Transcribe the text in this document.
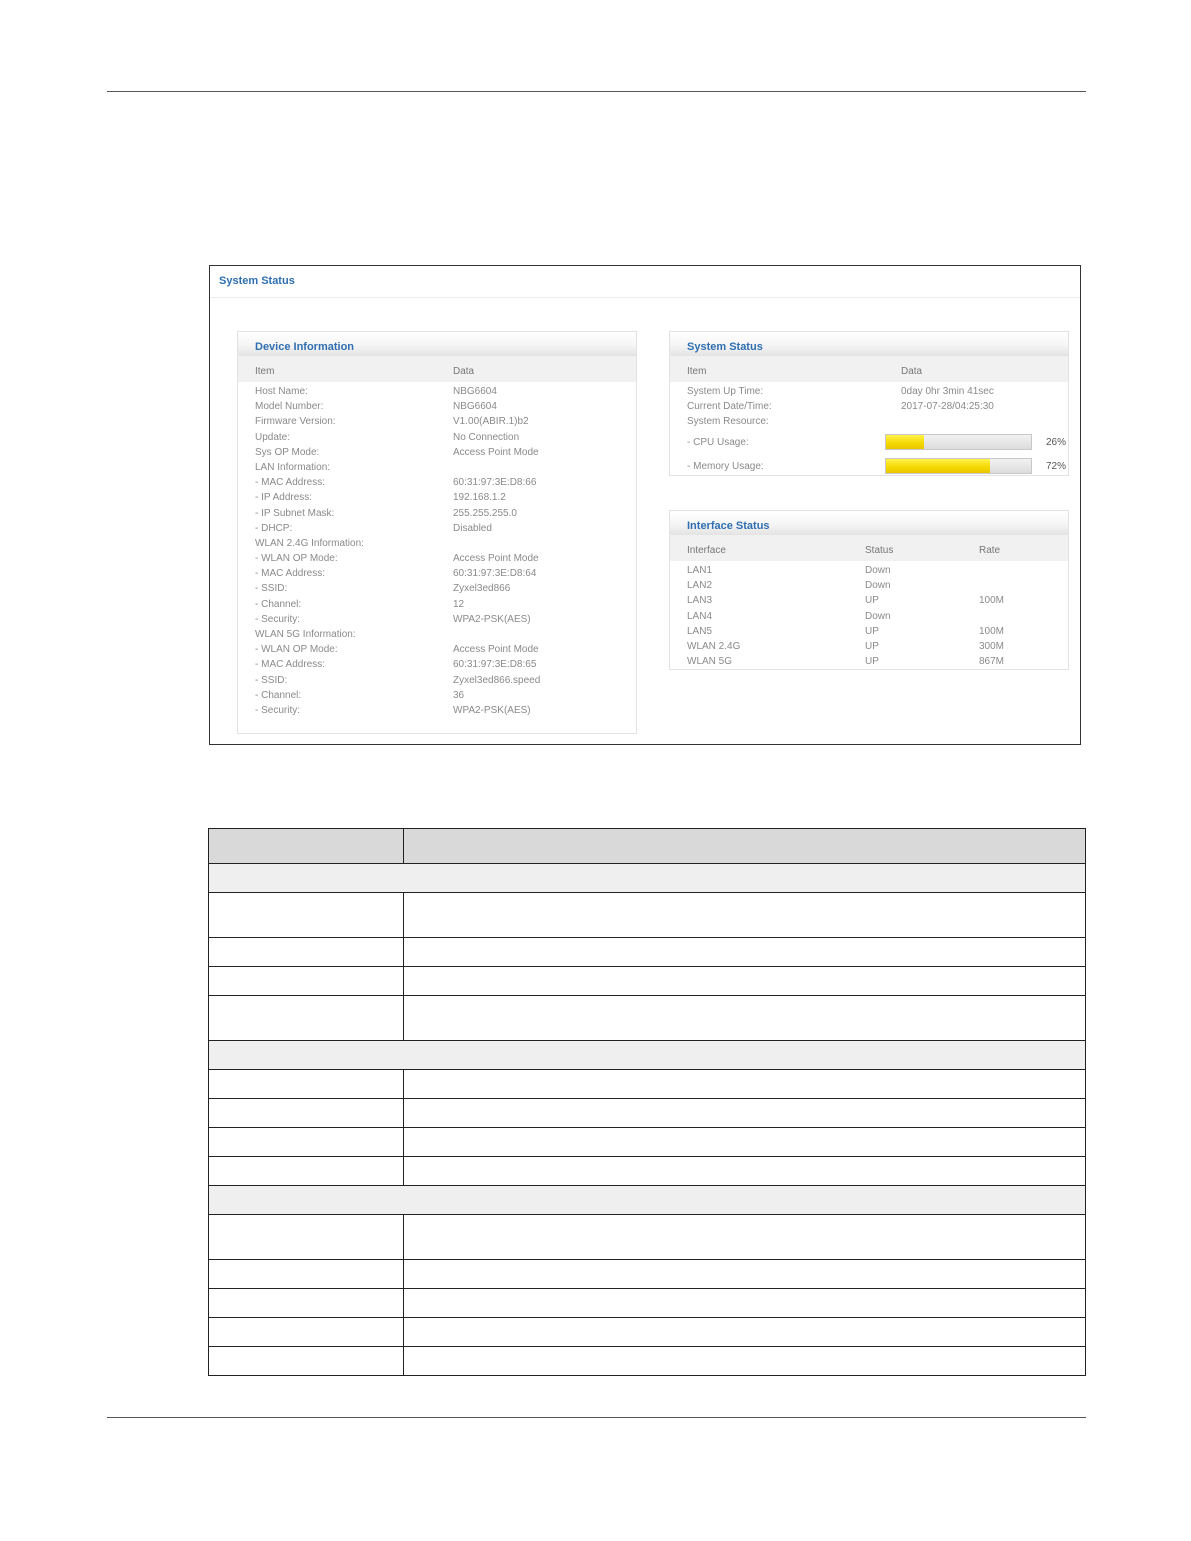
System Status
Device Information
Item	Data
Host Name:	NBG6604
Model Number:	NBG6604
Firmware Version:	V1.00(ABIR.1)b2
Update:	No Connection
Sys OP Mode:	Access Point Mode
LAN Information:
- MAC Address:	60:31:97:3E:D8:66
- IP Address:	192.168.1.2
- IP Subnet Mask:	255.255.255.0
- DHCP:	Disabled
WLAN 2.4G Information:
- WLAN OP Mode:	Access Point Mode
- MAC Address:	60:31:97:3E:D8:64
- SSID:	Zyxel3ed866
- Channel:	12
- Security:	WPA2-PSK(AES)
WLAN 5G Information:
- WLAN OP Mode:	Access Point Mode
- MAC Address:	60:31:97:3E:D8:65
- SSID:	Zyxel3ed866.speed
- Channel:	36
- Security:	WPA2-PSK(AES)
System Status
Item	Data
System Up Time:	0day 0hr 3min 41sec
Current Date/Time:	2017-07-28/04:25:30
System Resource:
- CPU Usage:	26%
- Memory Usage:	72%
Interface Status
Interface	Status	Rate
LAN1	Down
LAN2	Down
LAN3	UP	100M
LAN4	Down
LAN5	UP	100M
WLAN 2.4G	UP	300M
WLAN 5G	UP	867M
